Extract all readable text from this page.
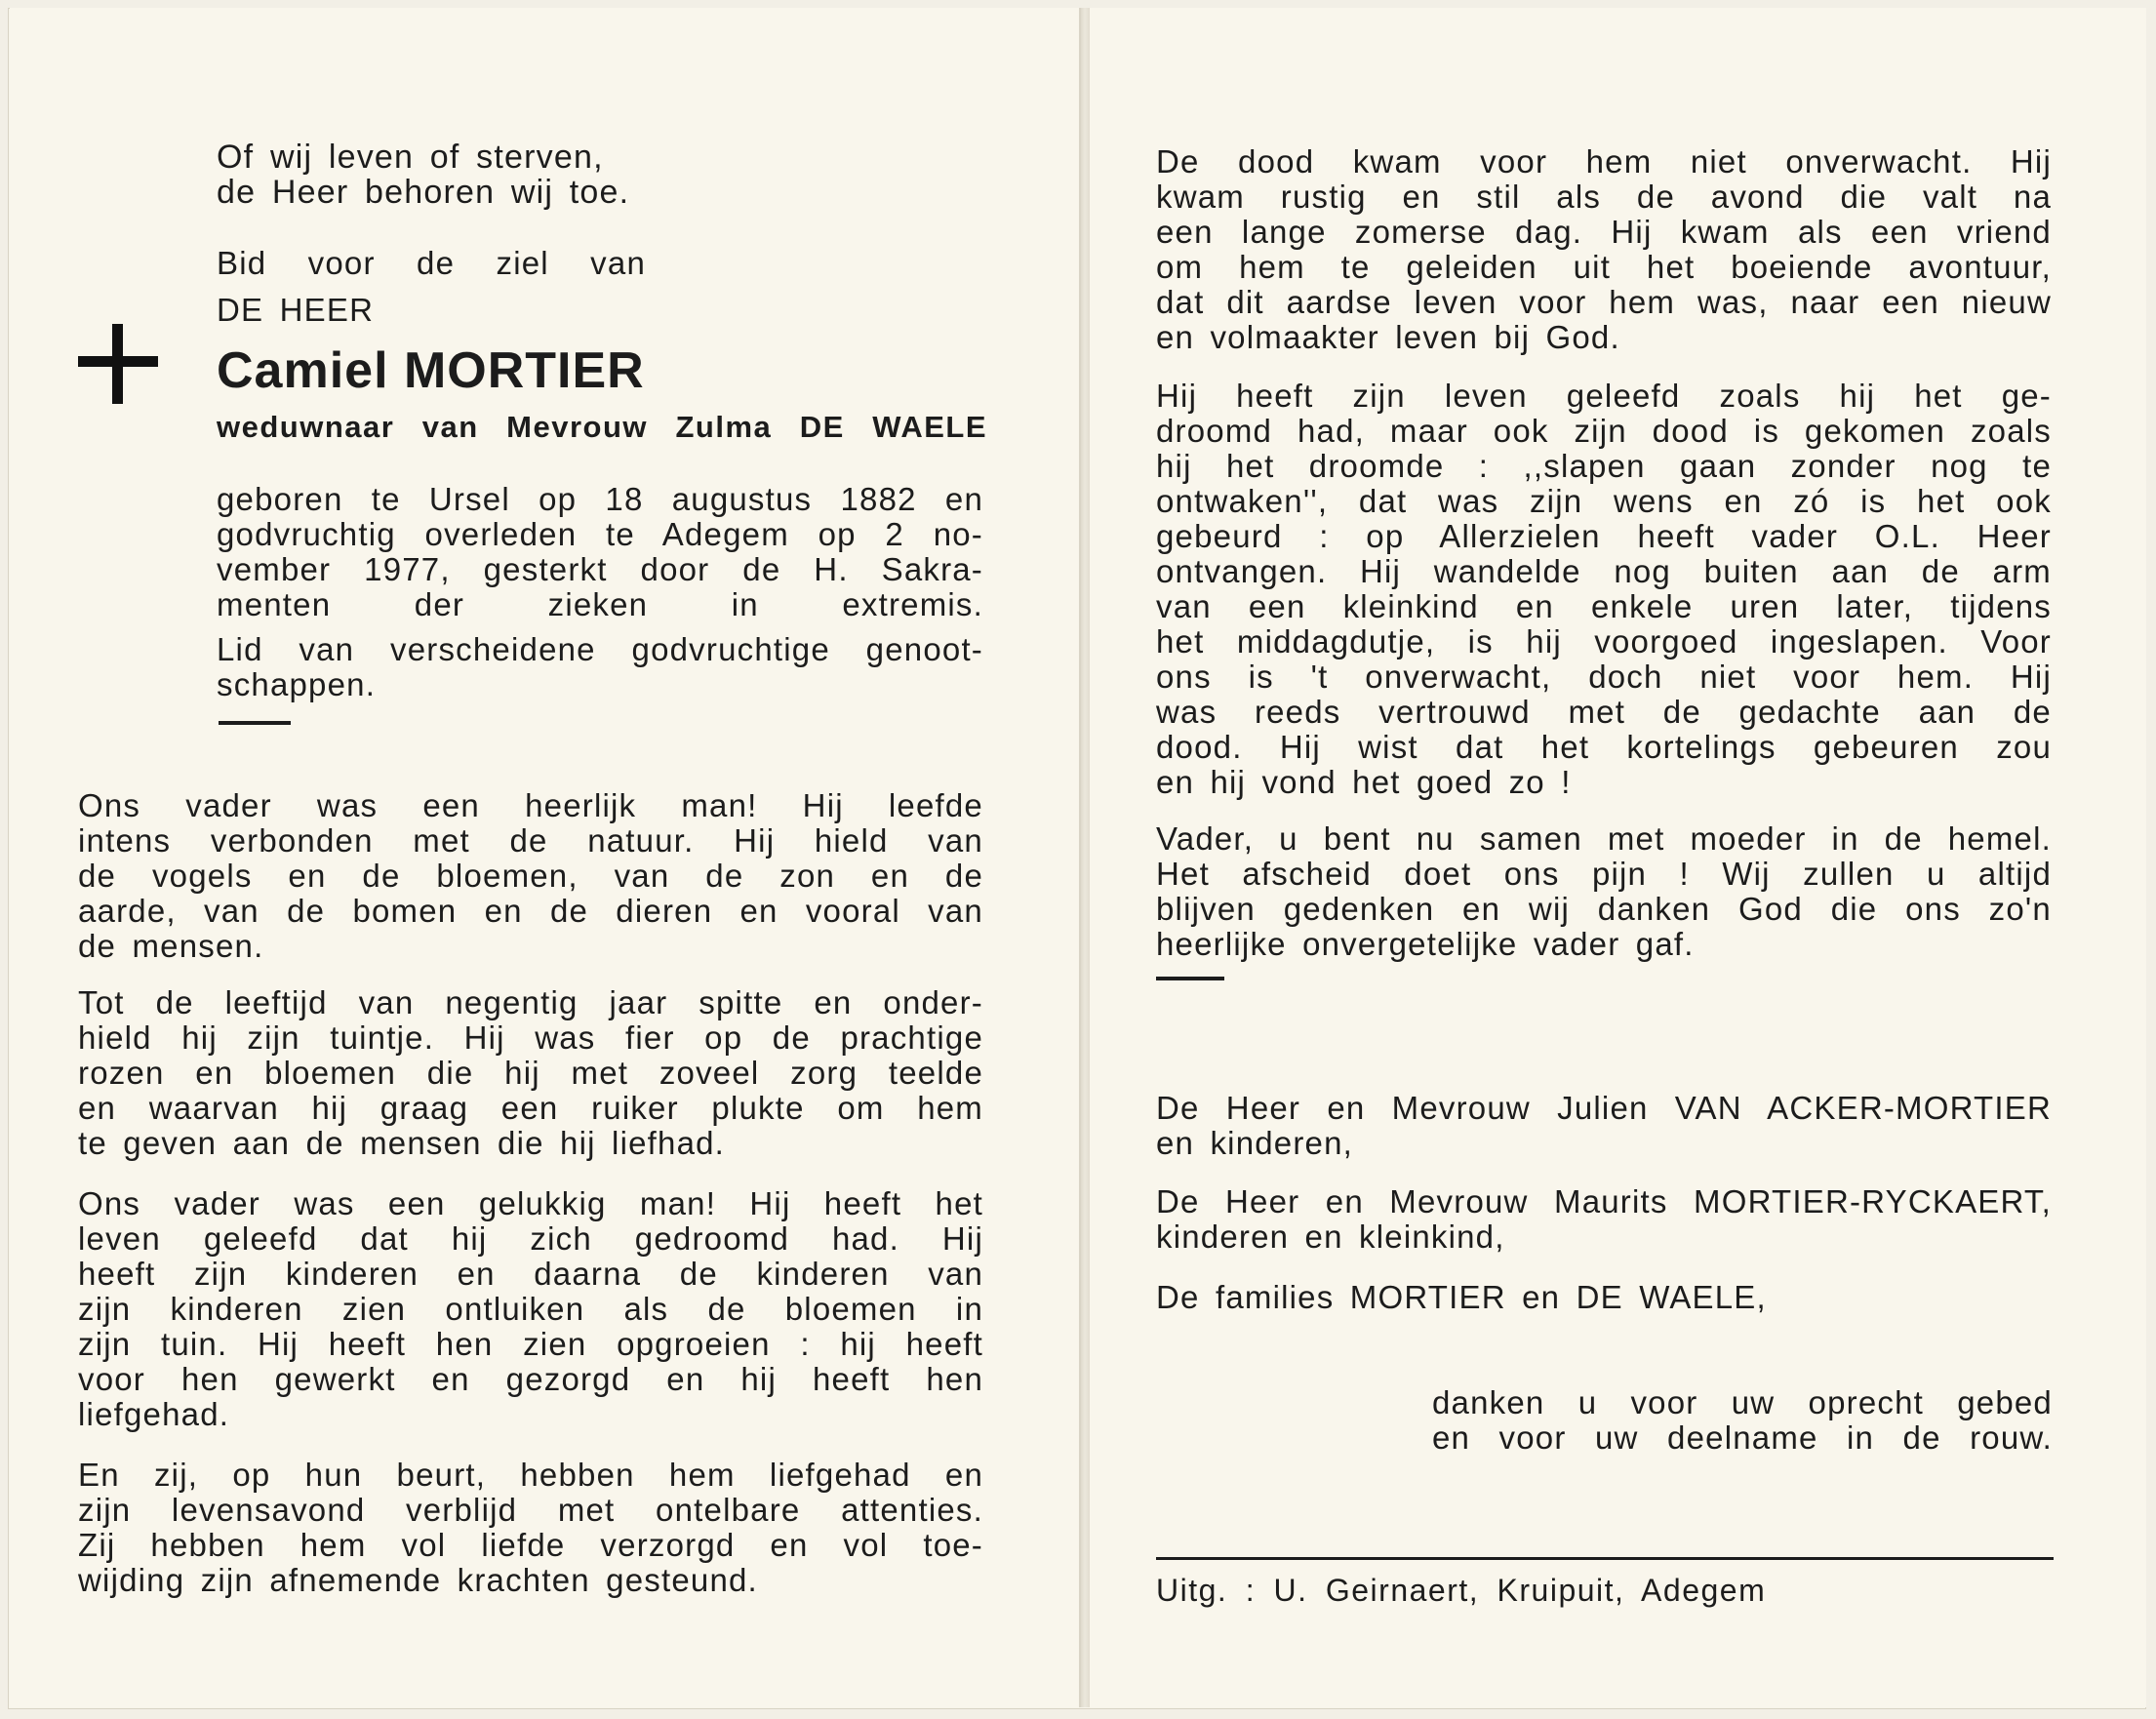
Of wij leven of sterven,

de Heer behoren wij toe.

Bid voor de ziel van
DE HEER
Camiel MORTIER
weduwnaar van Mevrouw Zulma DE WAELE

geboren te Ursel op 18 augustus 1882 en

godvruchtig overleden te Adegem op 2 no-

vember 1977, gesterkt door de H. Sakra-

menten der zieken in extremis.

Lid van verscheidene godvruchtige genoot-

schappen.

Ons vader was een heerlijk man! Hij leefde

intens verbonden met de natuur. Hij hield van

de vogels en de bloemen, van de zon en de

aarde, van de bomen en de dieren en vooral van

de mensen.

Tot de leeftijd van negentig jaar spitte en onder-

hield hij zijn tuintje. Hij was fier op de prachtige

rozen en bloemen die hij met zoveel zorg teelde

en waarvan hij graag een ruiker plukte om hem

te geven aan de mensen die hij liefhad.

Ons vader was een gelukkig man! Hij heeft het

leven geleefd dat hij zich gedroomd had. Hij

heeft zijn kinderen en daarna de kinderen van

zijn kinderen zien ontluiken als de bloemen in

zijn tuin. Hij heeft hen zien opgroeien : hij heeft

voor hen gewerkt en gezorgd en hij heeft hen

liefgehad.

En zij, op hun beurt, hebben hem liefgehad en

zijn levensavond verblijd met ontelbare attenties.

Zij hebben hem vol liefde verzorgd en vol toe-

wijding zijn afnemende krachten gesteund.

De dood kwam voor hem niet onverwacht. Hij

kwam rustig en stil als de avond die valt na

een lange zomerse dag. Hij kwam als een vriend

om hem te geleiden uit het boeiende avontuur,

dat dit aardse leven voor hem was, naar een nieuw

en volmaakter leven bij God.

Hij heeft zijn leven geleefd zoals hij het ge-

droomd had, maar ook zijn dood is gekomen zoals

hij het droomde : ,,slapen gaan zonder nog te

ontwaken'', dat was zijn wens en zó is het ook

gebeurd : op Allerzielen heeft vader O.L. Heer

ontvangen. Hij wandelde nog buiten aan de arm

van een kleinkind en enkele uren later, tijdens

het middagdutje, is hij voorgoed ingeslapen. Voor

ons is 't onverwacht, doch niet voor hem. Hij

was reeds vertrouwd met de gedachte aan de

dood. Hij wist dat het kortelings gebeuren zou

en hij vond het goed zo !

Vader, u bent nu samen met moeder in de hemel.

Het afscheid doet ons pijn ! Wij zullen u altijd

blijven gedenken en wij danken God die ons zo'n

heerlijke onvergetelijke vader gaf.

De Heer en Mevrouw Julien VAN ACKER-MORTIER

en kinderen,

De Heer en Mevrouw Maurits MORTIER-RYCKAERT,

kinderen en kleinkind,

De families MORTIER en DE WAELE,

danken u voor uw oprecht gebed

en voor uw deelname in de rouw.

Uitg. : U. Geirnaert, Kruipuit, Adegem
